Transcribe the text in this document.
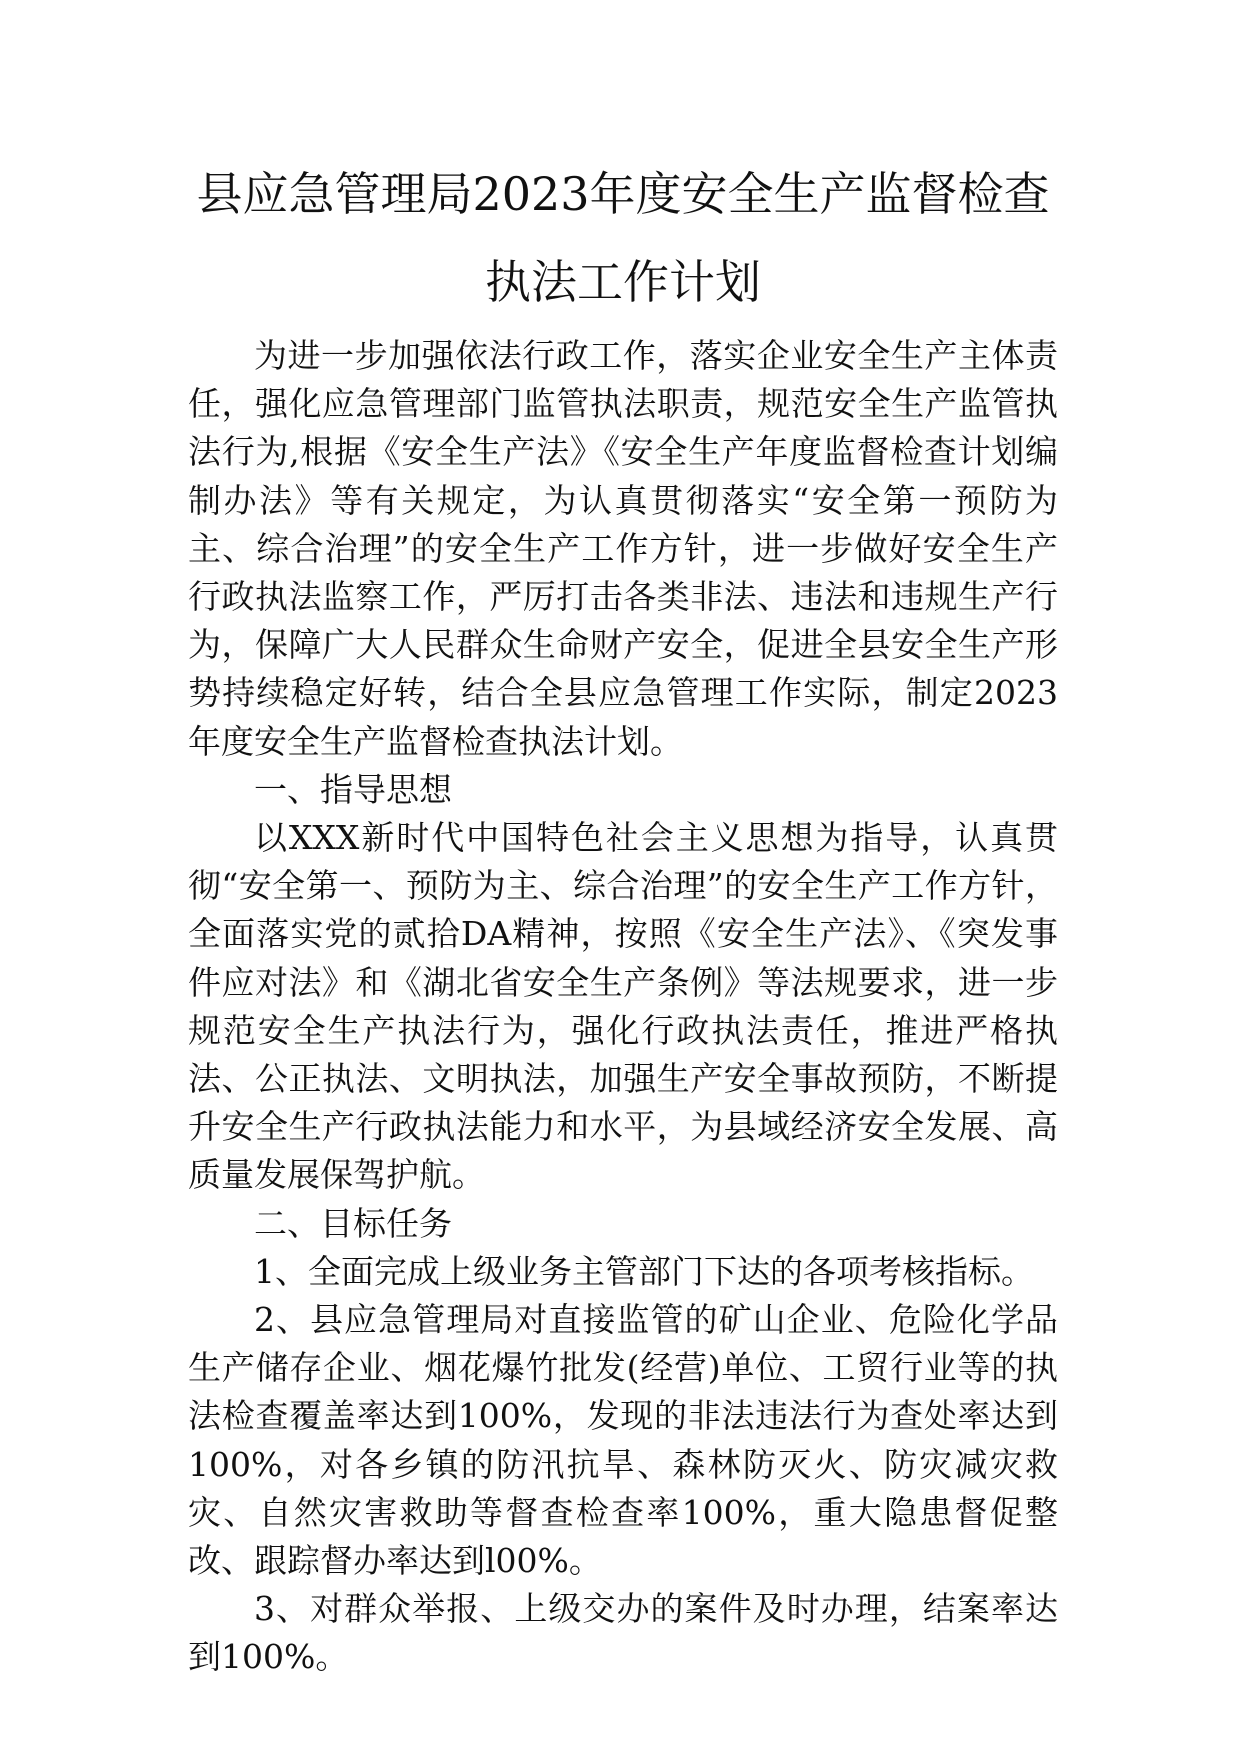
县应急管理局2023年度安全生产监督检查
执法工作计划

为进一步加强依法行政工作，落实企业安全生产主体责任，强化应急管理部门监管执法职责，规范安全生产监管执法行为,根据《安全生产法》《安全生产年度监督检查计划编制办法》等有关规定，为认真贯彻落实“安全第一预防为主、综合治理”的安全生产工作方针，进一步做好安全生产行政执法监察工作，严厉打击各类非法、违法和违规生产行为，保障广大人民群众生命财产安全，促进全县安全生产形势持续稳定好转，结合全县应急管理工作实际，制定2023年度安全生产监督检查执法计划。

一、指导思想

以XXX新时代中国特色社会主义思想为指导，认真贯彻“安全第一、预防为主、综合治理”的安全生产工作方针，全面落实党的贰拾DA精神，按照《安全生产法》、《突发事件应对法》和《湖北省安全生产条例》等法规要求，进一步规范安全生产执法行为，强化行政执法责任，推进严格执法、公正执法、文明执法，加强生产安全事故预防，不断提升安全生产行政执法能力和水平，为县域经济安全发展、高质量发展保驾护航。

二、目标任务

1、全面完成上级业务主管部门下达的各项考核指标。

2、县应急管理局对直接监管的矿山企业、危险化学品生产储存企业、烟花爆竹批发(经营)单位、工贸行业等的执法检查覆盖率达到100%，发现的非法违法行为查处率达到100%，对各乡镇的防汛抗旱、森林防灭火、防灾减灾救灾、自然灾害救助等督查检查率100%，重大隐患督促整改、跟踪督办率达到l00%。

3、对群众举报、上级交办的案件及时办理，结案率达到100%。
